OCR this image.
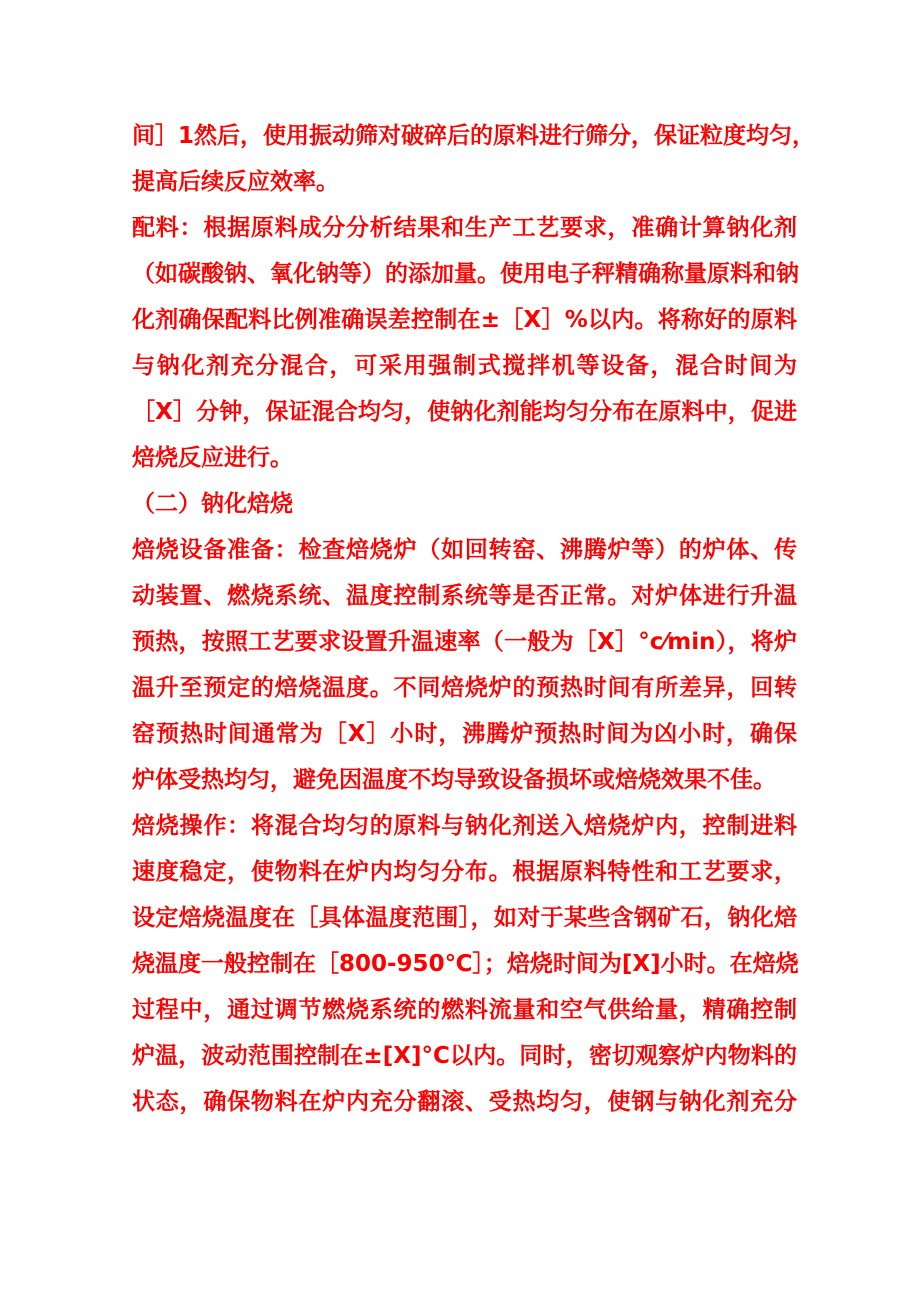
间］1然后，使用振动筛对破碎后的原料进行筛分，保证粒度均匀，
提高后续反应效率。
配料：根据原料成分分析结果和生产工艺要求，准确计算钠化剂
（如碳酸钠、氧化钠等）的添加量。使用电子秤精确称量原料和钠
化剂确保配料比例准确误差控制在±［X］%以内。将称好的原料
与钠化剂充分混合，可采用强制式搅拌机等设备，混合时间为
［X］分钟，保证混合均匀，使钠化剂能均匀分布在原料中，促进
焙烧反应进行。
（二）钠化焙烧
焙烧设备准备：检查焙烧炉（如回转窑、沸腾炉等）的炉体、传
动装置、燃烧系统、温度控制系统等是否正常。对炉体进行升温
预热，按照工艺要求设置升温速率（一般为［X］°c⁄min），将炉
温升至预定的焙烧温度。不同焙烧炉的预热时间有所差异，回转
窑预热时间通常为［X］小时，沸腾炉预热时间为凶小时，确保
炉体受热均匀，避免因温度不均导致设备损坏或焙烧效果不佳。
焙烧操作：将混合均匀的原料与钠化剂送入焙烧炉内，控制进料
速度稳定，使物料在炉内均匀分布。根据原料特性和工艺要求，
设定焙烧温度在［具体温度范围］，如对于某些含钢矿石，钠化焙
烧温度一般控制在［800-950℃］；焙烧时间为[X]小时。在焙烧
过程中，通过调节燃烧系统的燃料流量和空气供给量，精确控制
炉温，波动范围控制在±[X]°C以内。同时，密切观察炉内物料的
状态，确保物料在炉内充分翻滚、受热均匀，使钢与钠化剂充分
